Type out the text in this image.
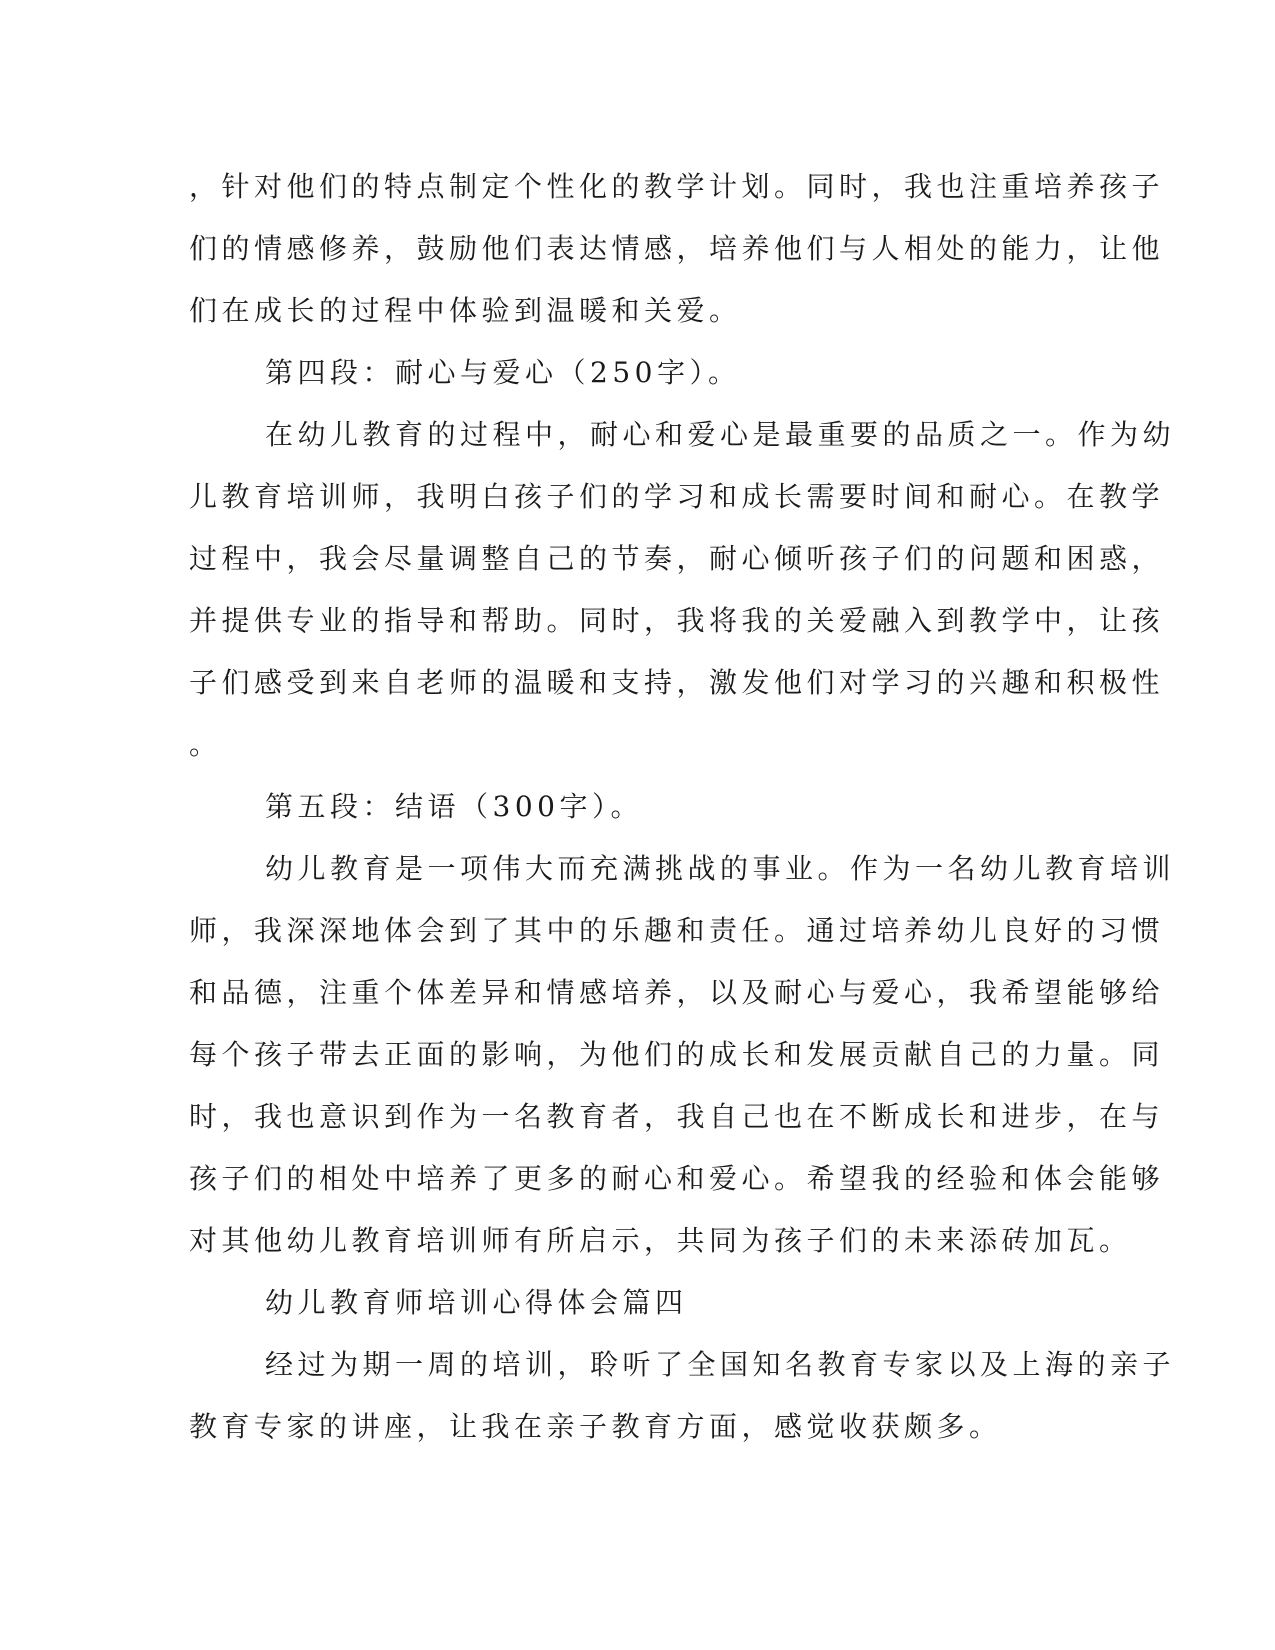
，针对他们的特点制定个性化的教学计划。同时，我也注重培养孩子
们的情感修养，鼓励他们表达情感，培养他们与人相处的能力，让他
们在成长的过程中体验到温暖和关爱。
第四段：耐心与爱心（250字）。
在幼儿教育的过程中，耐心和爱心是最重要的品质之一。作为幼
儿教育培训师，我明白孩子们的学习和成长需要时间和耐心。在教学
过程中，我会尽量调整自己的节奏，耐心倾听孩子们的问题和困惑，
并提供专业的指导和帮助。同时，我将我的关爱融入到教学中，让孩
子们感受到来自老师的温暖和支持，激发他们对学习的兴趣和积极性
。
第五段：结语（300字）。
幼儿教育是一项伟大而充满挑战的事业。作为一名幼儿教育培训
师，我深深地体会到了其中的乐趣和责任。通过培养幼儿良好的习惯
和品德，注重个体差异和情感培养，以及耐心与爱心，我希望能够给
每个孩子带去正面的影响，为他们的成长和发展贡献自己的力量。同
时，我也意识到作为一名教育者，我自己也在不断成长和进步，在与
孩子们的相处中培养了更多的耐心和爱心。希望我的经验和体会能够
对其他幼儿教育培训师有所启示，共同为孩子们的未来添砖加瓦。
幼儿教育师培训心得体会篇四
经过为期一周的培训，聆听了全国知名教育专家以及上海的亲子
教育专家的讲座，让我在亲子教育方面，感觉收获颇多。
